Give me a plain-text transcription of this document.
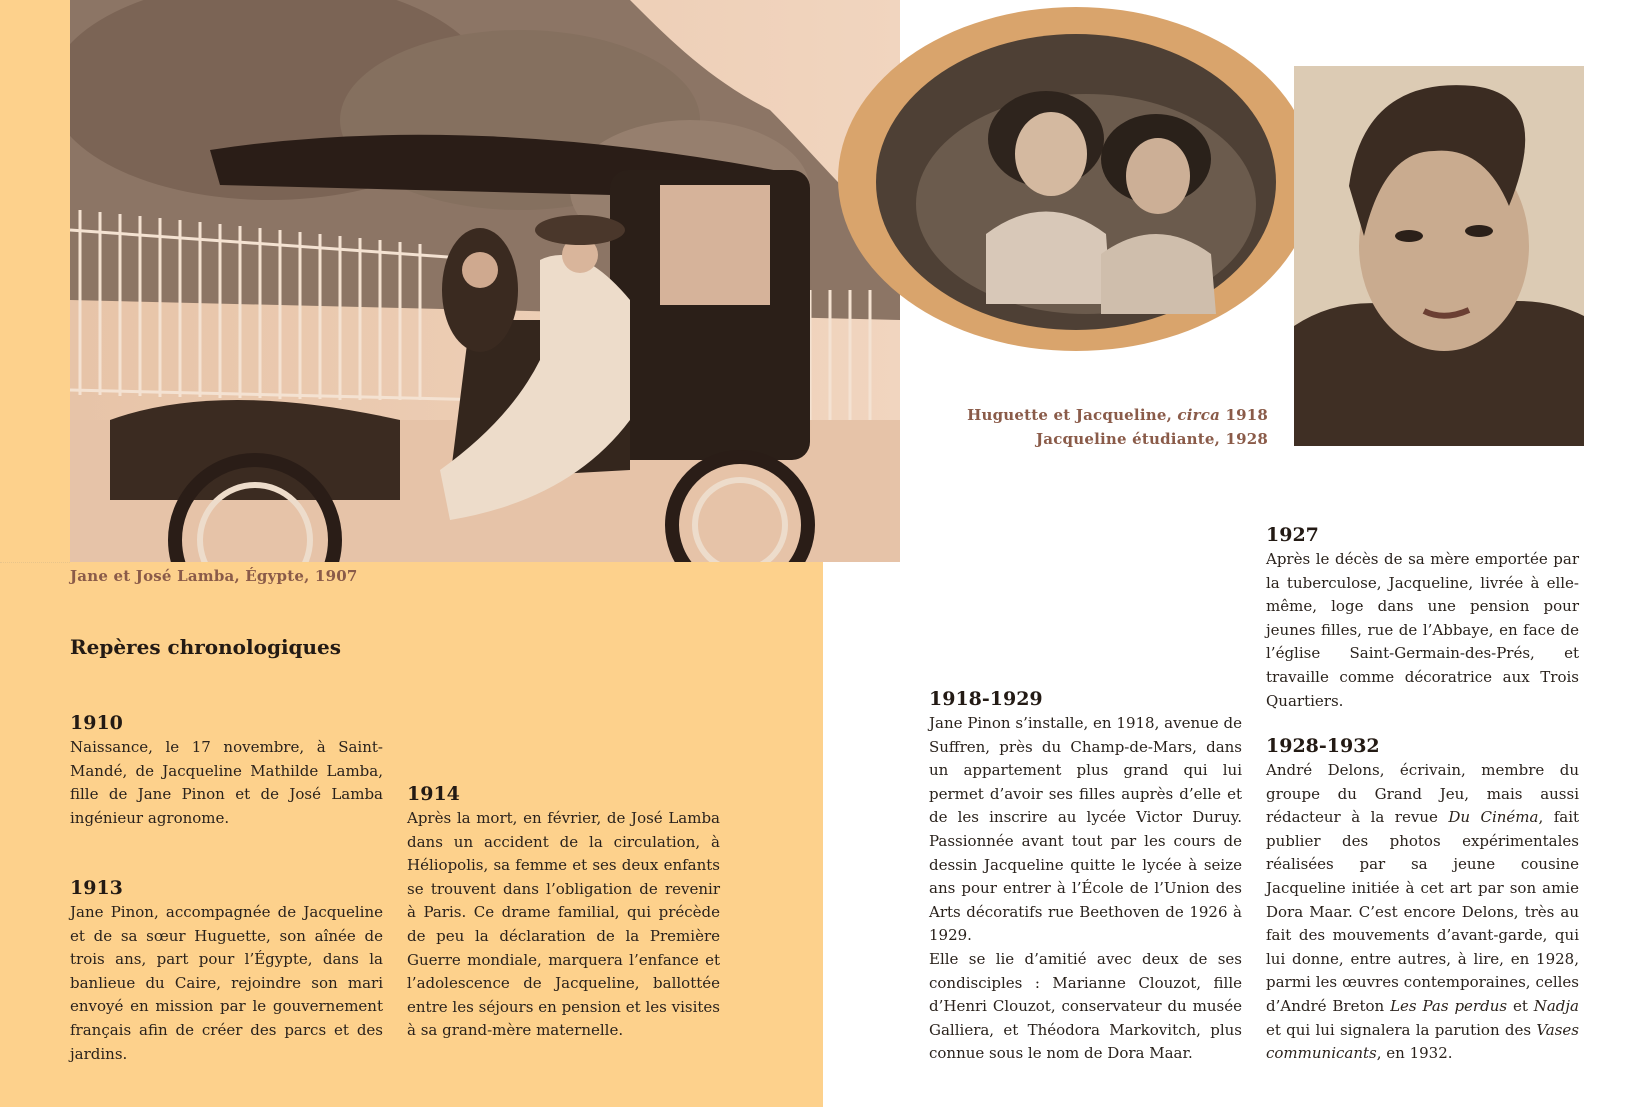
Jane et José Lamba, Égypte, 1907
Huguette et Jacqueline, circa 1918
Jacqueline étudiante, 1928
Repères chronologiques
1910
Naissance, le 17 novembre, à Saint-Mandé, de Jacqueline Mathilde Lamba, fille de Jane Pinon et de José Lamba ingénieur agronome.
1913
Jane Pinon, accompagnée de Jacqueline et de sa sœur Huguette, son aînée de trois ans, part pour l’Égypte, dans la banlieue du Caire, rejoindre son mari envoyé en mission par le gouvernement français afin de créer des parcs et des jardins.
1914
Après la mort, en février, de José Lamba dans un accident de la circulation, à Héliopolis, sa femme et ses deux enfants se trouvent dans l’obligation de revenir à Paris. Ce drame familial, qui précède de peu la déclaration de la Première Guerre mondiale, marquera l’enfance et l’adolescence de Jacqueline, ballottée entre les séjours en pension et les visites à sa grand-mère maternelle.
1918-1929
Jane Pinon s’installe, en 1918, avenue de Suffren, près du Champ-de-Mars, dans un appartement plus grand qui lui permet d’avoir ses filles auprès d’elle et de les inscrire au lycée Victor Duruy. Passionnée avant tout par les cours de dessin Jacqueline quitte le lycée à seize ans pour entrer à l’École de l’Union des Arts décoratifs rue Beethoven de 1926 à 1929.
Elle se lie d’amitié avec deux de ses condisciples : Marianne Clouzot, fille d’Henri Clouzot, conservateur du musée Galliera, et Théodora Markovitch, plus connue sous le nom de Dora Maar.
1927
Après le décès de sa mère emportée par la tuberculose, Jacqueline, livrée à elle-même, loge dans une pension pour jeunes filles, rue de l’Abbaye, en face de l’église Saint-Germain-des-Prés, et travaille comme décoratrice aux Trois Quartiers.
1928-1932
André Delons, écrivain, membre du groupe du Grand Jeu, mais aussi rédacteur à la revue Du Cinéma, fait publier des photos expérimentales réalisées par sa jeune cousine Jacqueline initiée à cet art par son amie Dora Maar. C’est encore Delons, très au fait des mouvements d’avant-garde, qui lui donne, entre autres, à lire, en 1928, parmi les œuvres contemporaines, celles d’André Breton Les Pas perdus et Nadja et qui lui signalera la parution des Vases communicants, en 1932.
